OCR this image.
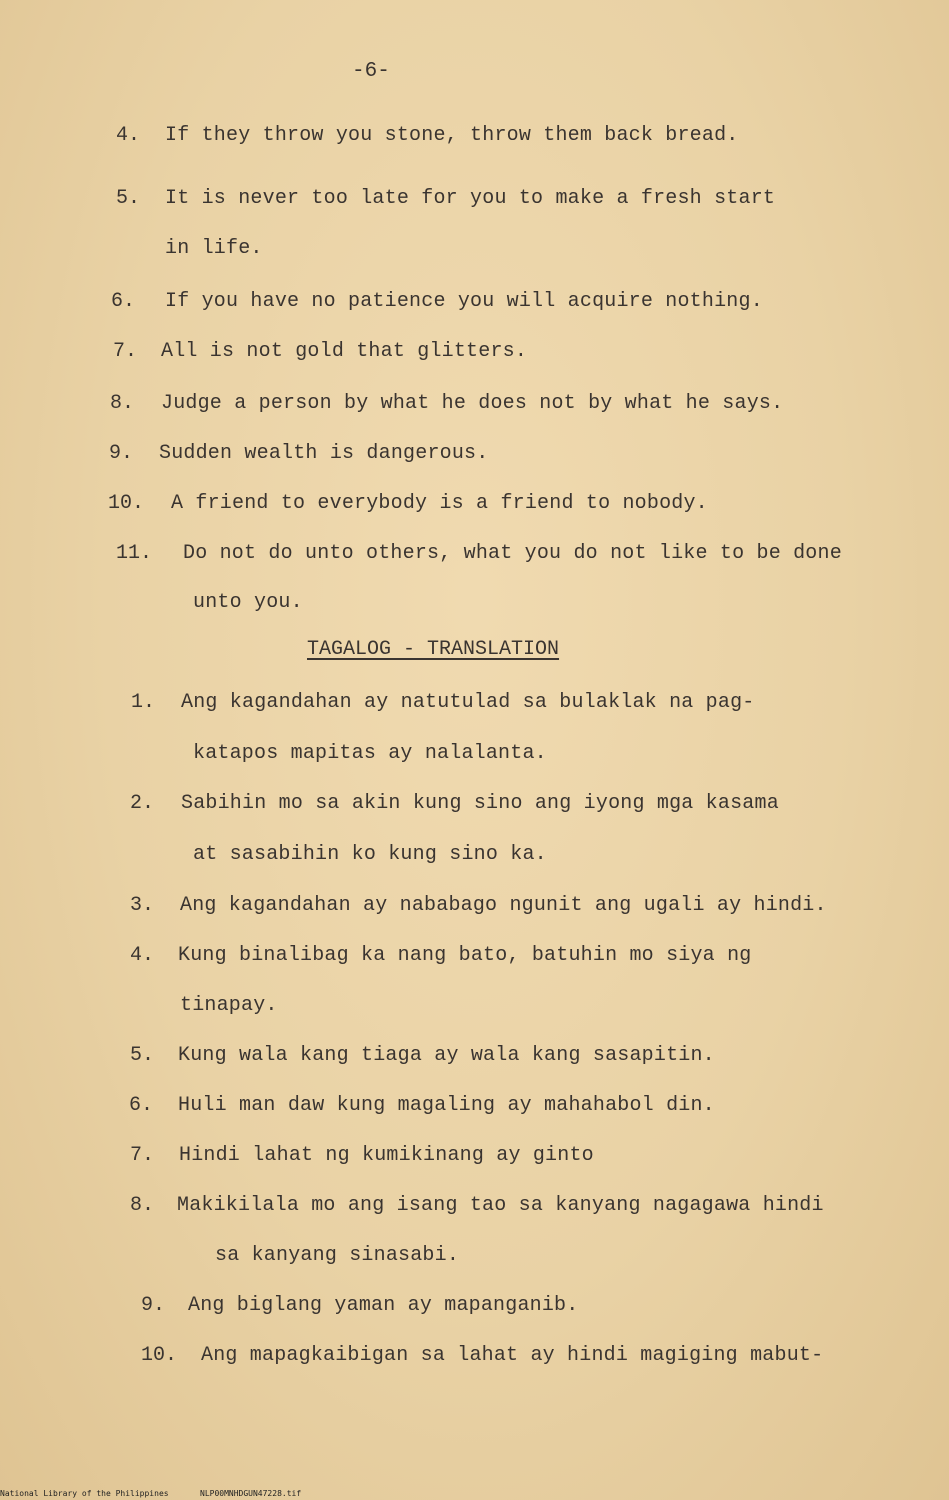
-6-
4. If they throw you stone, throw them back bread.
5. It is never too late for you to make a fresh start
in life.
6. If you have no patience you will acquire nothing.
7. All is not gold that glitters.
8. Judge a person by what he does not by what he says.
9. Sudden wealth is dangerous.
10. A friend to everybody is a friend to nobody.
11. Do not do unto others, what you do not like to be done
unto you.
TAGALOG - TRANSLATION
1. Ang kagandahan ay natutulad sa bulaklak na pag-
katapos mapitas ay nalalanta.
2. Sabihin mo sa akin kung sino ang iyong mga kasama
at sasabihin ko kung sino ka.
3. Ang kagandahan ay nababago ngunit ang ugali ay hindi.
4. Kung binalibag ka nang bato, batuhin mo siya ng
tinapay.
5. Kung wala kang tiaga ay wala kang sasapitin.
6. Huli man daw kung magaling ay mahahabol din.
7. Hindi lahat ng kumikinang ay ginto
8. Makikilala mo ang isang tao sa kanyang nagagawa hindi
sa kanyang sinasabi.
9. Ang biglang yaman ay mapanganib.
10. Ang mapagkaibigan sa lahat ay hindi magiging mabut-
National Library of the Philippines	NLP00MNHDGUN47228.tif
